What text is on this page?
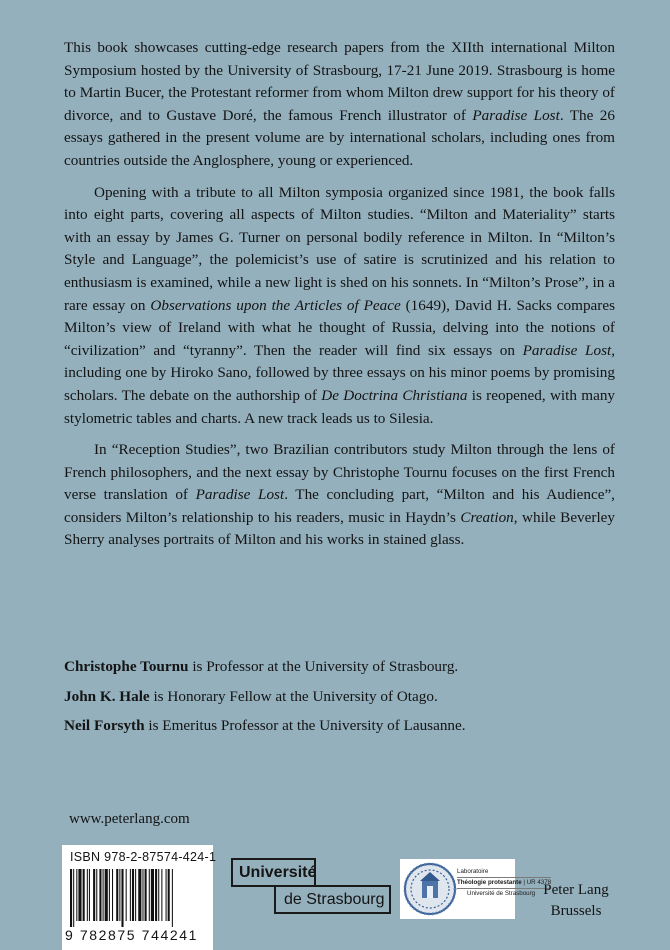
This book showcases cutting-edge research papers from the XIIth international Milton Symposium hosted by the University of Strasbourg, 17-21 June 2019. Strasbourg is home to Martin Bucer, the Protestant reformer from whom Milton drew support for his theory of divorce, and to Gustave Doré, the famous French illustrator of Paradise Lost. The 26 essays gathered in the present volume are by international scholars, including ones from countries outside the Anglosphere, young or experienced.

Opening with a tribute to all Milton symposia organized since 1981, the book falls into eight parts, covering all aspects of Milton studies. “Milton and Materiality” starts with an essay by James G. Turner on personal bodily reference in Milton. In “Milton’s Style and Language”, the polemicist’s use of satire is scrutinized and his relation to enthusiasm is examined, while a new light is shed on his sonnets. In “Milton’s Prose”, in a rare essay on Observations upon the Articles of Peace (1649), David H. Sacks compares Milton’s view of Ireland with what he thought of Russia, delving into the notions of “civilization” and “tyranny”. Then the reader will find six essays on Paradise Lost, including one by Hiroko Sano, followed by three essays on his minor poems by promising scholars. The debate on the authorship of De Doctrina Christiana is reopened, with many stylometric tables and charts. A new track leads us to Silesia.

In “Reception Studies”, two Brazilian contributors study Milton through the lens of French philosophers, and the next essay by Christophe Tournu focuses on the first French verse translation of Paradise Lost. The concluding part, “Milton and his Audience”, considers Milton’s relationship to his readers, music in Haydn’s Creation, while Beverley Sherry analyses portraits of Milton and his works in stained glass.

Christophe Tournu is Professor at the University of Strasbourg.

John K. Hale is Honorary Fellow at the University of Otago.

Neil Forsyth is Emeritus Professor at the University of Lausanne.

www.peterlang.com
ISBN 978-2-87574-424-1
9 782875 744241
Université
de Strasbourg
Laboratoire
Théologie protestante | UR 4378
Université de Strasbourg Peter Lang
Brussels
